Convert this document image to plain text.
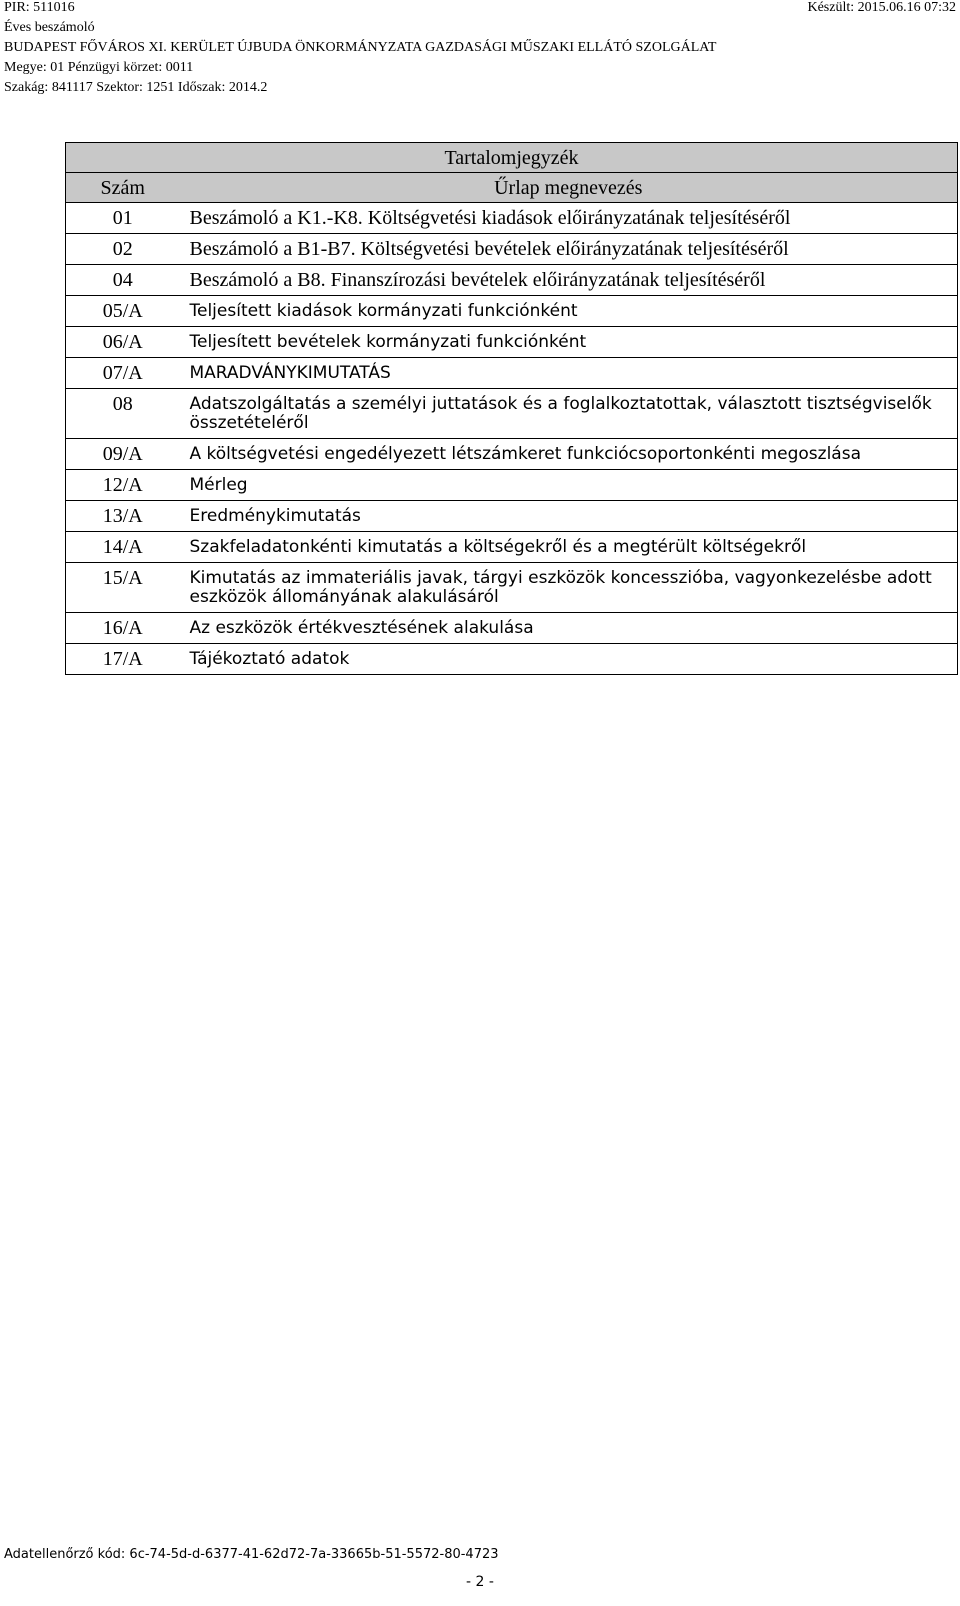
PIR: 511016	Készült: 2015.06.16 07:32
Éves beszámoló
BUDAPEST FŐVÁROS XI. KERÜLET ÚJBUDA ÖNKORMÁNYZATA GAZDASÁGI MŰSZAKI ELLÁTÓ SZOLGÁLAT
Megye: 01 Pénzügyi körzet: 0011
Szakág: 841117 Szektor: 1251 Időszak: 2014.2
Tartalomjegyzék	
Szám	Űrlap megnevezés
01	Beszámoló a K1.-K8. Költségvetési kiadások előirányzatának teljesítéséről
02	Beszámoló a B1-B7. Költségvetési bevételek előirányzatának teljesítéséről
04	Beszámoló a B8. Finanszírozási bevételek előirányzatának teljesítéséről
05/A	Teljesített kiadások kormányzati funkciónként
06/A	Teljesített bevételek kormányzati funkciónként
07/A	MARADVÁNYKIMUTATÁS
08	Adatszolgáltatás a személyi juttatások és a foglalkoztatottak, választott tisztségviselők összetételéről
09/A	A költségvetési engedélyezett létszámkeret funkciócsoportonkénti megoszlása
12/A	Mérleg
13/A	Eredménykimutatás
14/A	Szakfeladatonkénti kimutatás a költségekről és a megtérült költségekről
15/A	Kimutatás az immateriális javak, tárgyi eszközök koncesszióba, vagyonkezelésbe adott eszközök állományának alakulásáról
16/A	Az eszközök értékvesztésének alakulása
17/A	Tájékoztató adatok
Adatellenőrző kód: 6c-74-5d-d-6377-41-62d72-7a-33665b-51-5572-80-4723
- 2 -
